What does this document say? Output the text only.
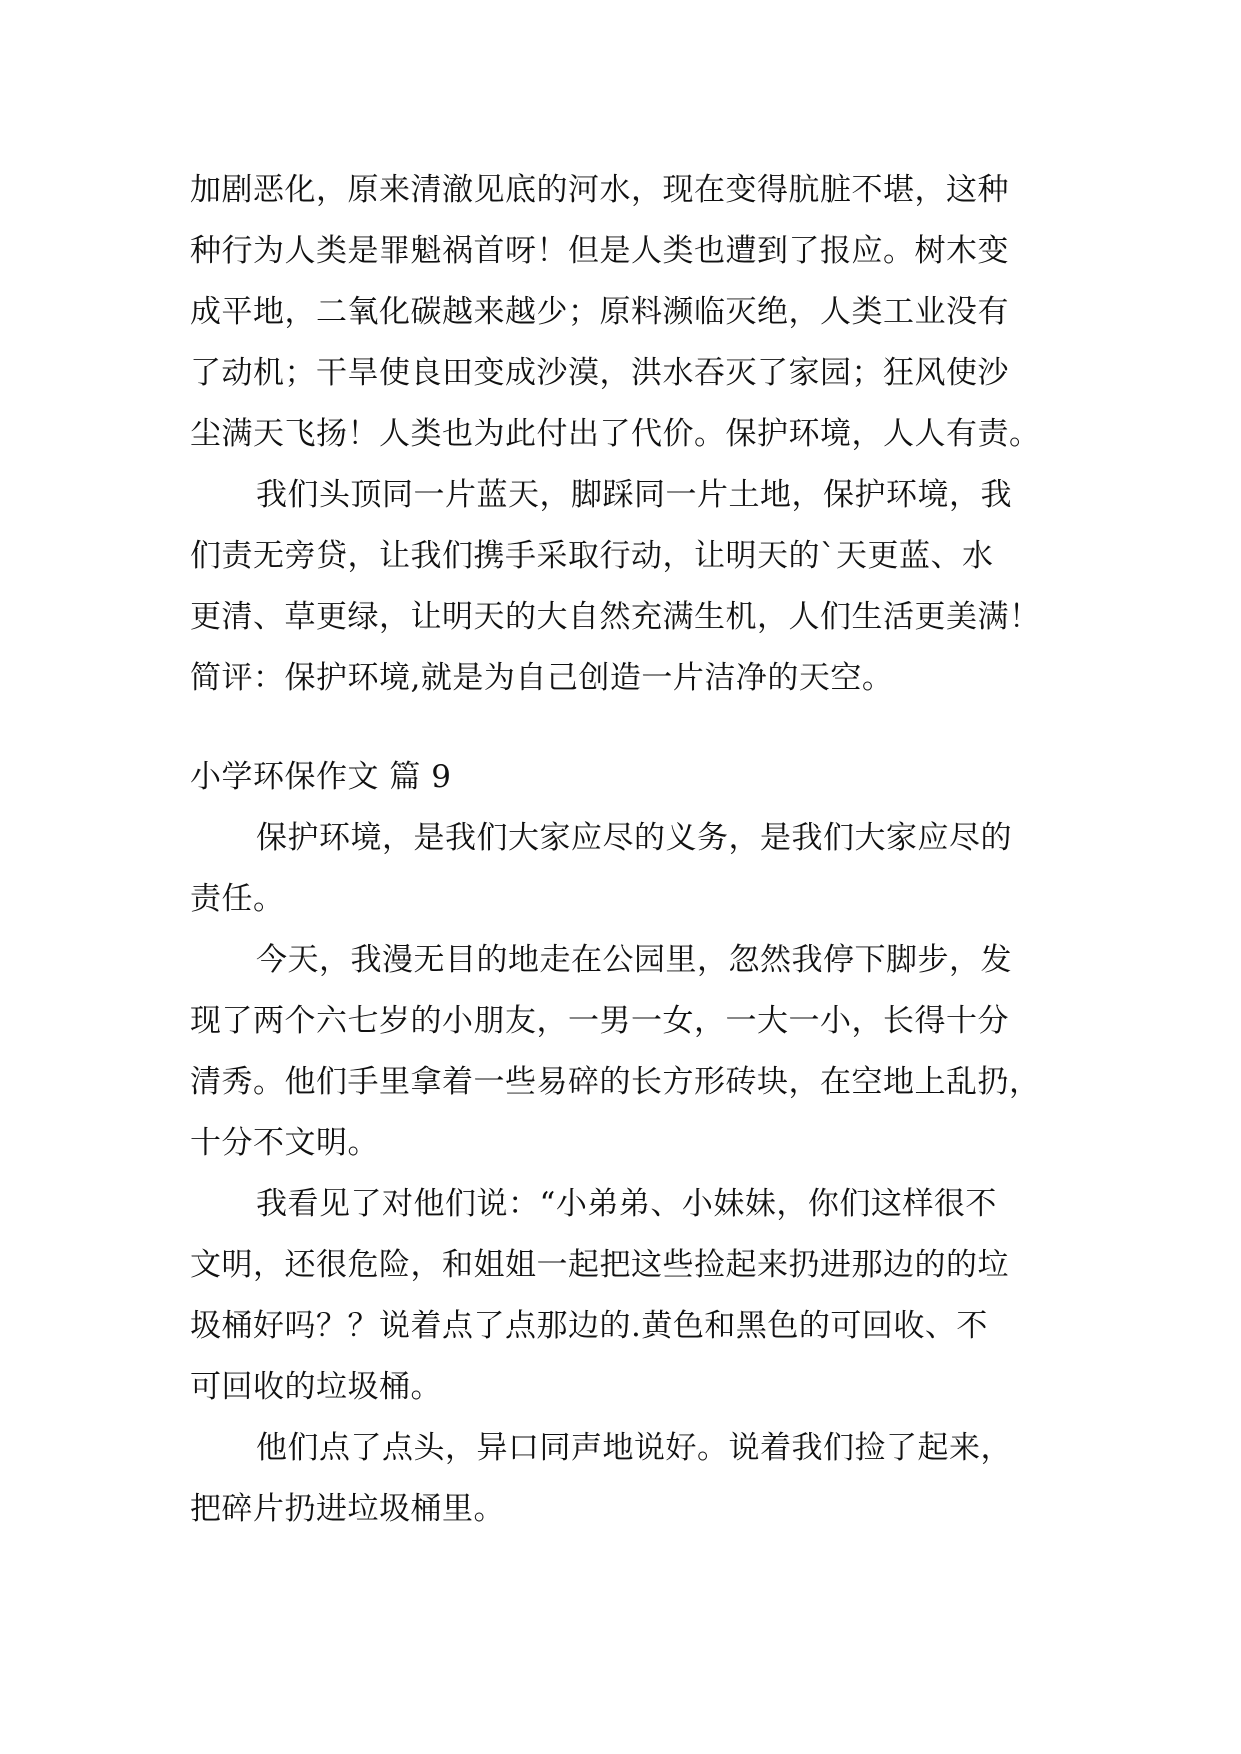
加剧恶化，原来清澈见底的河水，现在变得肮脏不堪，这种
种行为人类是罪魁祸首呀！但是人类也遭到了报应。树木变
成平地，二氧化碳越来越少；原料濒临灭绝，人类工业没有
了动机；干旱使良田变成沙漠，洪水吞灭了家园；狂风使沙
尘满天飞扬！人类也为此付出了代价。保护环境，人人有责。
我们头顶同一片蓝天，脚踩同一片土地，保护环境，我
们责无旁贷，让我们携手采取行动，让明天的`天更蓝、水
更清、草更绿，让明天的大自然充满生机，人们生活更美满！
简评：保护环境,就是为自己创造一片洁净的天空。
小学环保作文 篇 9
保护环境，是我们大家应尽的义务，是我们大家应尽的
责任。
今天，我漫无目的地走在公园里，忽然我停下脚步，发
现了两个六七岁的小朋友，一男一女，一大一小，长得十分
清秀。他们手里拿着一些易碎的长方形砖块，在空地上乱扔，
十分不文明。
我看见了对他们说：“小弟弟、小妹妹，你们这样很不
文明，还很危险，和姐姐一起把这些捡起来扔进那边的的垃
圾桶好吗？？说着点了点那边的.黄色和黑色的可回收、不
可回收的垃圾桶。
他们点了点头，异口同声地说好。说着我们捡了起来，
把碎片扔进垃圾桶里。
